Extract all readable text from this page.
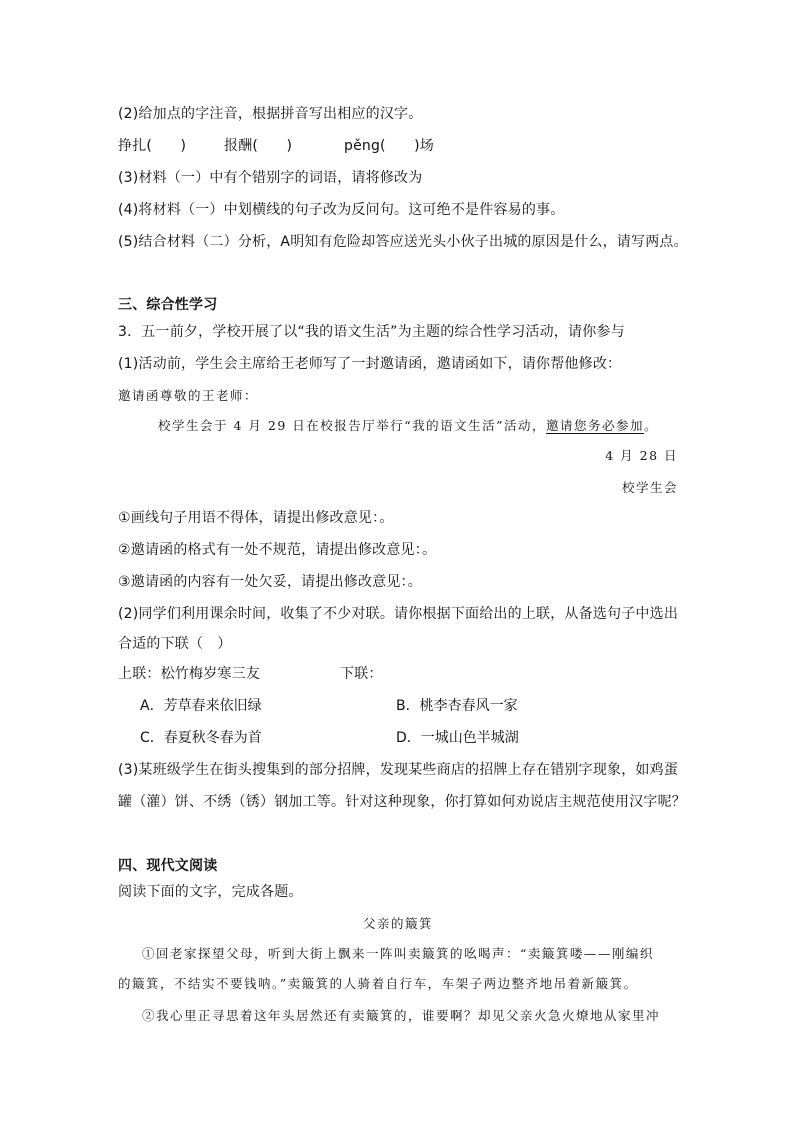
(2)给加点的字注音，根据拼音写出相应的汉字。
挣扎(　　)	报酬(　　)	pěng(　　)场
(3)材料（一）中有个错别字的词语，请将修改为
(4)将材料（一）中划横线的句子改为反问句。这可绝不是件容易的事。
(5)结合材料（二）分析，A明知有危险却答应送光头小伙子出城的原因是什么，请写两点。
三、综合性学习
3．五一前夕，学校开展了以“我的语文生活”为主题的综合性学习活动，请你参与
(1)活动前，学生会主席给王老师写了一封邀请函，邀请函如下，请你帮他修改：
邀请函尊敬的王老师：
校学生会于 4 月 29 日在校报告厅举行“我的语文生活”活动，邀请您务必参加。
4 月 28 日
校学生会
①画线句子用语不得体，请提出修改意见：。
②邀请函的格式有一处不规范，请提出修改意见：。
③邀请函的内容有一处欠妥，请提出修改意见：。
(2)同学们利用课余时间，收集了不少对联。请你根据下面给出的上联，从备选句子中选出
合适的下联（　）
上联：松竹梅岁寒三友	下联：
A．芳草春来依旧绿	B．桃李杏春风一家
C．春夏秋冬春为首	D．一城山色半城湖
(3)某班级学生在街头搜集到的部分招牌，发现某些商店的招牌上存在错别字现象，如鸡蛋
罐（灌）饼、不绣（锈）钢加工等。针对这种现象，你打算如何劝说店主规范使用汉字呢？
四、现代文阅读
阅读下面的文字，完成各题。
父亲的簸箕
①回老家探望父母，听到大街上飘来一阵叫卖簸箕的吆喝声：“卖簸箕喽——刚编织
的簸箕，不结实不要钱呐。”卖簸箕的人骑着自行车，车架子两边整齐地吊着新簸箕。
②我心里正寻思着这年头居然还有卖簸箕的，谁要啊？却见父亲火急火燎地从家里冲
